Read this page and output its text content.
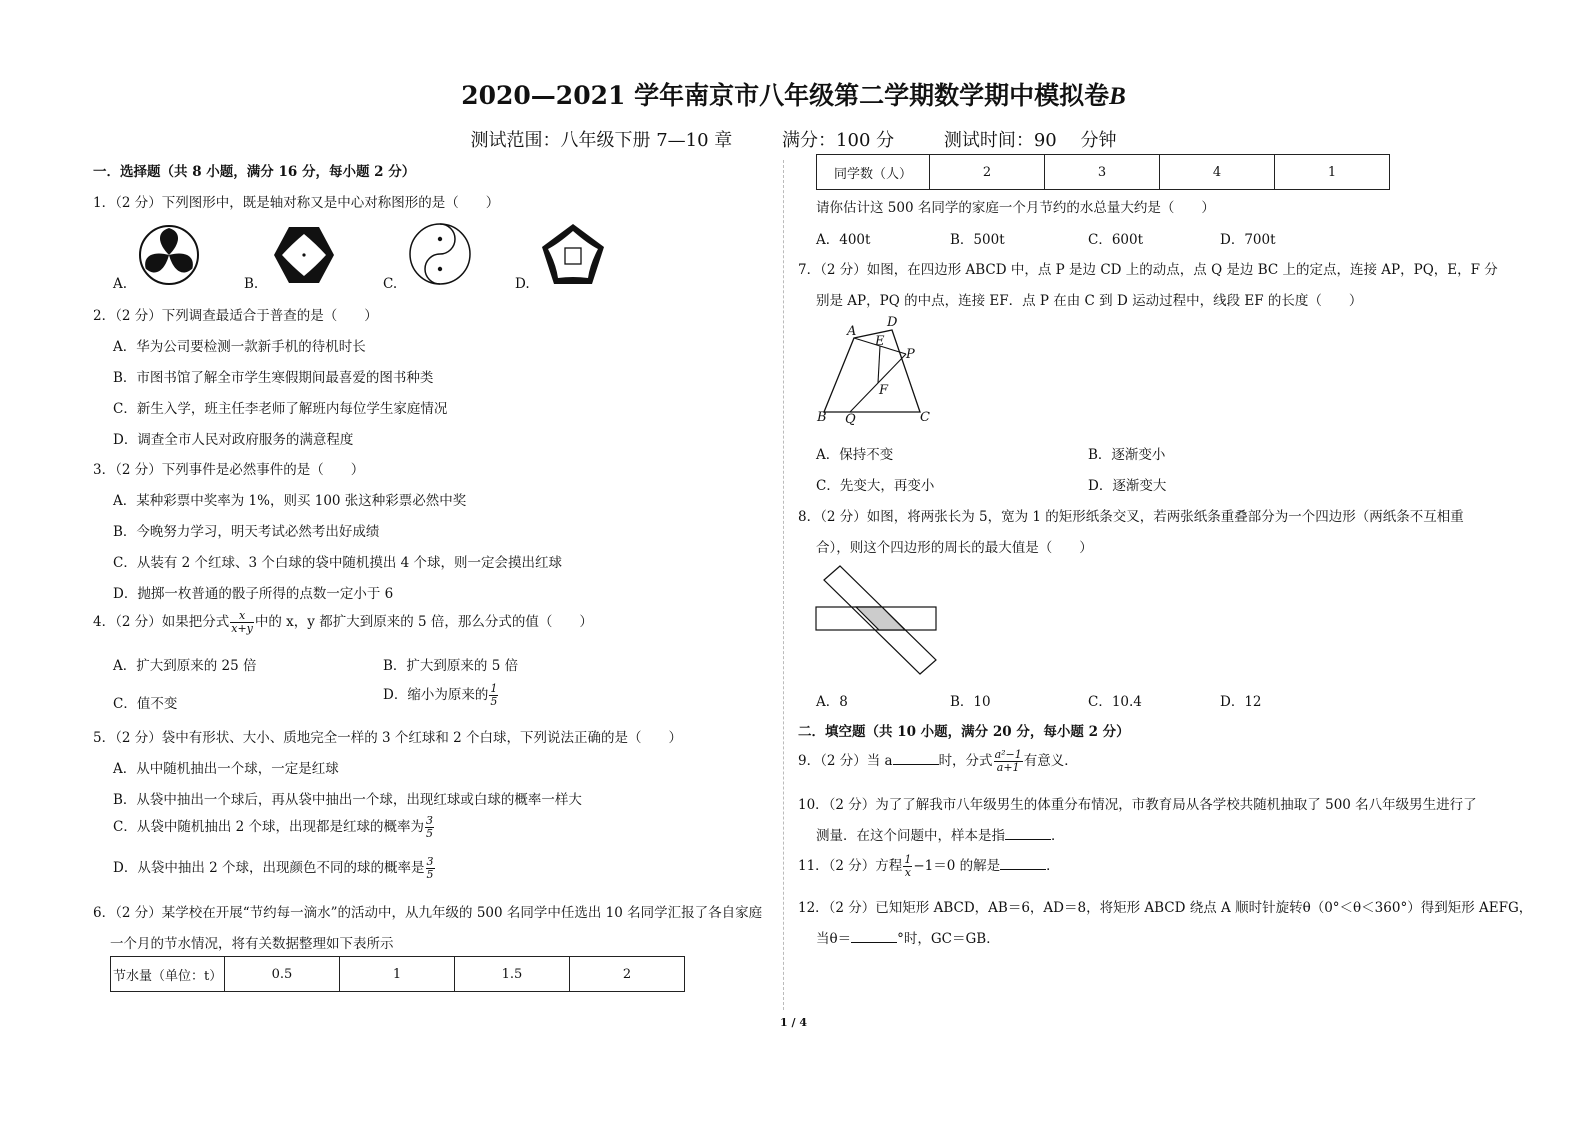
2020—2021 学年南京市八年级第二学期数学期中模拟卷B
测试范围：八年级下册 7—10 章	满分：100 分	测试时间：90　 分钟
一．选择题（共 8 小题，满分 16 分，每小题 2 分）
1．（2 分）下列图形中，既是轴对称又是中心对称图形的是（　　）
A.	B.	C.	D.
2．（2 分）下列调查最适合于普查的是（　　）
A．华为公司要检测一款新手机的待机时长
B．市图书馆了解全市学生寒假期间最喜爱的图书种类
C．新生入学，班主任李老师了解班内每位学生家庭情况
D．调查全市人民对政府服务的满意程度
3．（2 分）下列事件是必然事件的是（　　）
A．某种彩票中奖率为 1%，则买 100 张这种彩票必然中奖
B．今晚努力学习，明天考试必然考出好成绩
C．从装有 2 个红球、3 个白球的袋中随机摸出 4 个球，则一定会摸出红球
D．抛掷一枚普通的骰子所得的点数一定小于 6
4．（2 分）如果把分式 $\frac{x}{x+y}$ 中的 x，y 都扩大到原来的 5 倍，那么分式的值（　　）
A．扩大到原来的 25 倍	B．扩大到原来的 5 倍
C．值不变
D．缩小为原来的 $\frac{1}{5}$
5．（2 分）袋中有形状、大小、质地完全一样的 3 个红球和 2 个白球，下列说法正确的是（　　）
A．从中随机抽出一个球，一定是红球
B．从袋中抽出一个球后，再从袋中抽出一个球，出现红球或白球的概率一样大
C．从袋中随机抽出 2 个球，出现都是红球的概率为 $\frac{3}{5}$
D．从袋中抽出 2 个球，出现颜色不同的球的概率是 $\frac{3}{5}$
6．（2 分）某学校在开展“节约每一滴水”的活动中，从九年级的 500 名同学中任选出 10 名同学汇报了各自家庭
一个月的节水情况，将有关数据整理如下表所示
节水量（单位：t）	0.5	1	1.5	2
同学数（人）	2	3	4	1
请你估计这 500 名同学的家庭一个月节约的水总量大约是（　　）
A．400t	B．500t	C．600t	D．700t
7．（2 分）如图，在四边形 ABCD 中，点 P 是边 CD 上的动点，点 Q 是边 BC 上的定点，连接 AP，PQ，E，F 分
别是 AP，PQ 的中点，连接 EF．点 P 在由 C 到 D 运动过程中，线段 EF 的长度（　　）
A
D
E
P
F
B Q	C
A．保持不变	B．逐渐变小
C．先变大，再变小	D．逐渐变大
8．（2 分）如图，将两张长为 5，宽为 1 的矩形纸条交叉，若两张纸条重叠部分为一个四边形（两纸条不互相重
合），则这个四边形的周长的最大值是（　　）
A．8	B．10	C．10.4	D．12
二．填空题（共 10 小题，满分 20 分，每小题 2 分）
9．（2 分）当 a	时，分式 $\frac{\text{a²−1}}{a+1}$ 有意义．
10．（2 分）为了了解我市八年级男生的体重分布情况，市教育局从各学校共随机抽取了 500 名八年级男生进行了
测量．在这个问题中，样本是指	．
11．（2 分）方程 $\frac{1}{x} -1=0$ 的解是	．
12．（2 分）已知矩形 ABCD，AB＝6，AD＝8，将矩形 ABCD 绕点 A 顺时针旋转θ（0°＜θ＜360°）得到矩形 AEFG，
当θ＝	°时，GC＝GB．
1 / 4
